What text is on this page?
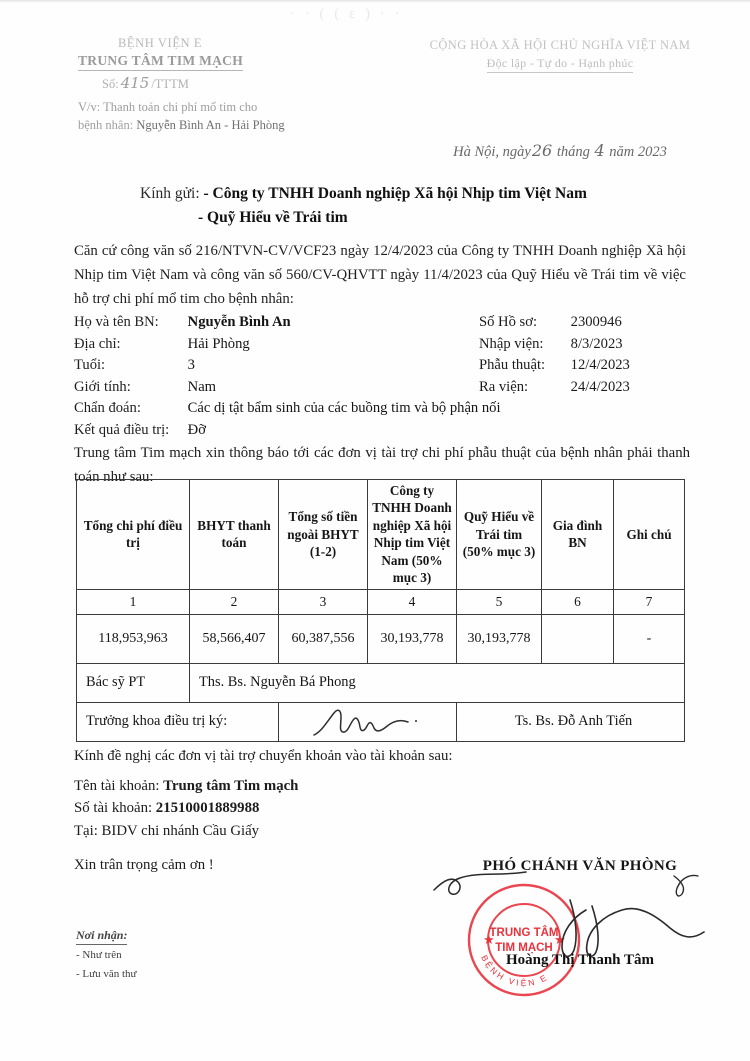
· · ( ( ɛ ) · ·
BỆNH VIỆN E
TRUNG TÂM TIM MẠCH
Số: 415 /TTTM
V/v: Thanh toán chi phí mổ tim cho
bệnh nhân: Nguyễn Bình An - Hải Phòng
CỘNG HÒA XÃ HỘI CHỦ NGHĨA VIỆT NAM
Độc lập - Tự do - Hạnh phúc
Hà Nội, ngày26 tháng 4 năm 2023
Kính gửi: - Công ty TNHH Doanh nghiệp Xã hội Nhịp tim Việt Nam
- Quỹ Hiểu về Trái tim
Căn cứ công văn số 216/NTVN-CV/VCF23 ngày 12/4/2023 của Công ty TNHH Doanh nghiệp Xã hội Nhịp tim Việt Nam và công văn số 560/CV-QHVTT ngày 11/4/2023 của Quỹ Hiểu về Trái tim về việc hỗ trợ chi phí mổ tim cho bệnh nhân:
Họ và tên BN: Nguyễn Bình An	Số Hồ sơ: 2300946
Địa chỉ:	Hải Phòng	Nhập viện: 8/3/2023
Tuổi:	3	Phẫu thuật: 12/4/2023
Giới tính:	Nam	Ra viện:	24/4/2023
Chẩn đoán:	Các dị tật bẩm sinh của các buồng tim và bộ phận nối
Kết quả điều trị: Đỡ
Trung tâm Tim mạch xin thông báo tới các đơn vị tài trợ chi phí phẫu thuật của bệnh nhân phải thanh toán như sau:
Tổng chi phí điều trị	BHYT thanh toán	Tổng số tiền ngoài BHYT (1-2)	Công ty TNHH Doanh nghiệp Xã hội Nhịp tim Việt Nam (50% mục 3)	Quỹ Hiểu về Trái tim (50% mục 3)	Gia đình BN	Ghi chú
1	2	3	4	5	6	7
118,953,963	58,566,407	60,387,556	30,193,778	30,193,778		-
Bác sỹ PT	Ths. Bs. Nguyễn Bá Phong					
Trưởng khoa điều trị ký:				Ts. Bs. Đỗ Anh Tiến		
Kính đề nghị các đơn vị tài trợ chuyển khoản vào tài khoản sau:
Tên tài khoản: Trung tâm Tim mạch
Số tài khoản: 21510001889988
Tại: BIDV chi nhánh Cầu Giấy
Xin trân trọng cảm ơn !	PHÓ CHÁNH VĂN PHÒNG
★	★
TRUNG TÂM
TIM MẠCH
BỆNH VIỆN E
Hoàng Thị Thanh Tâm
Nơi nhận:
- Như trên
- Lưu văn thư
